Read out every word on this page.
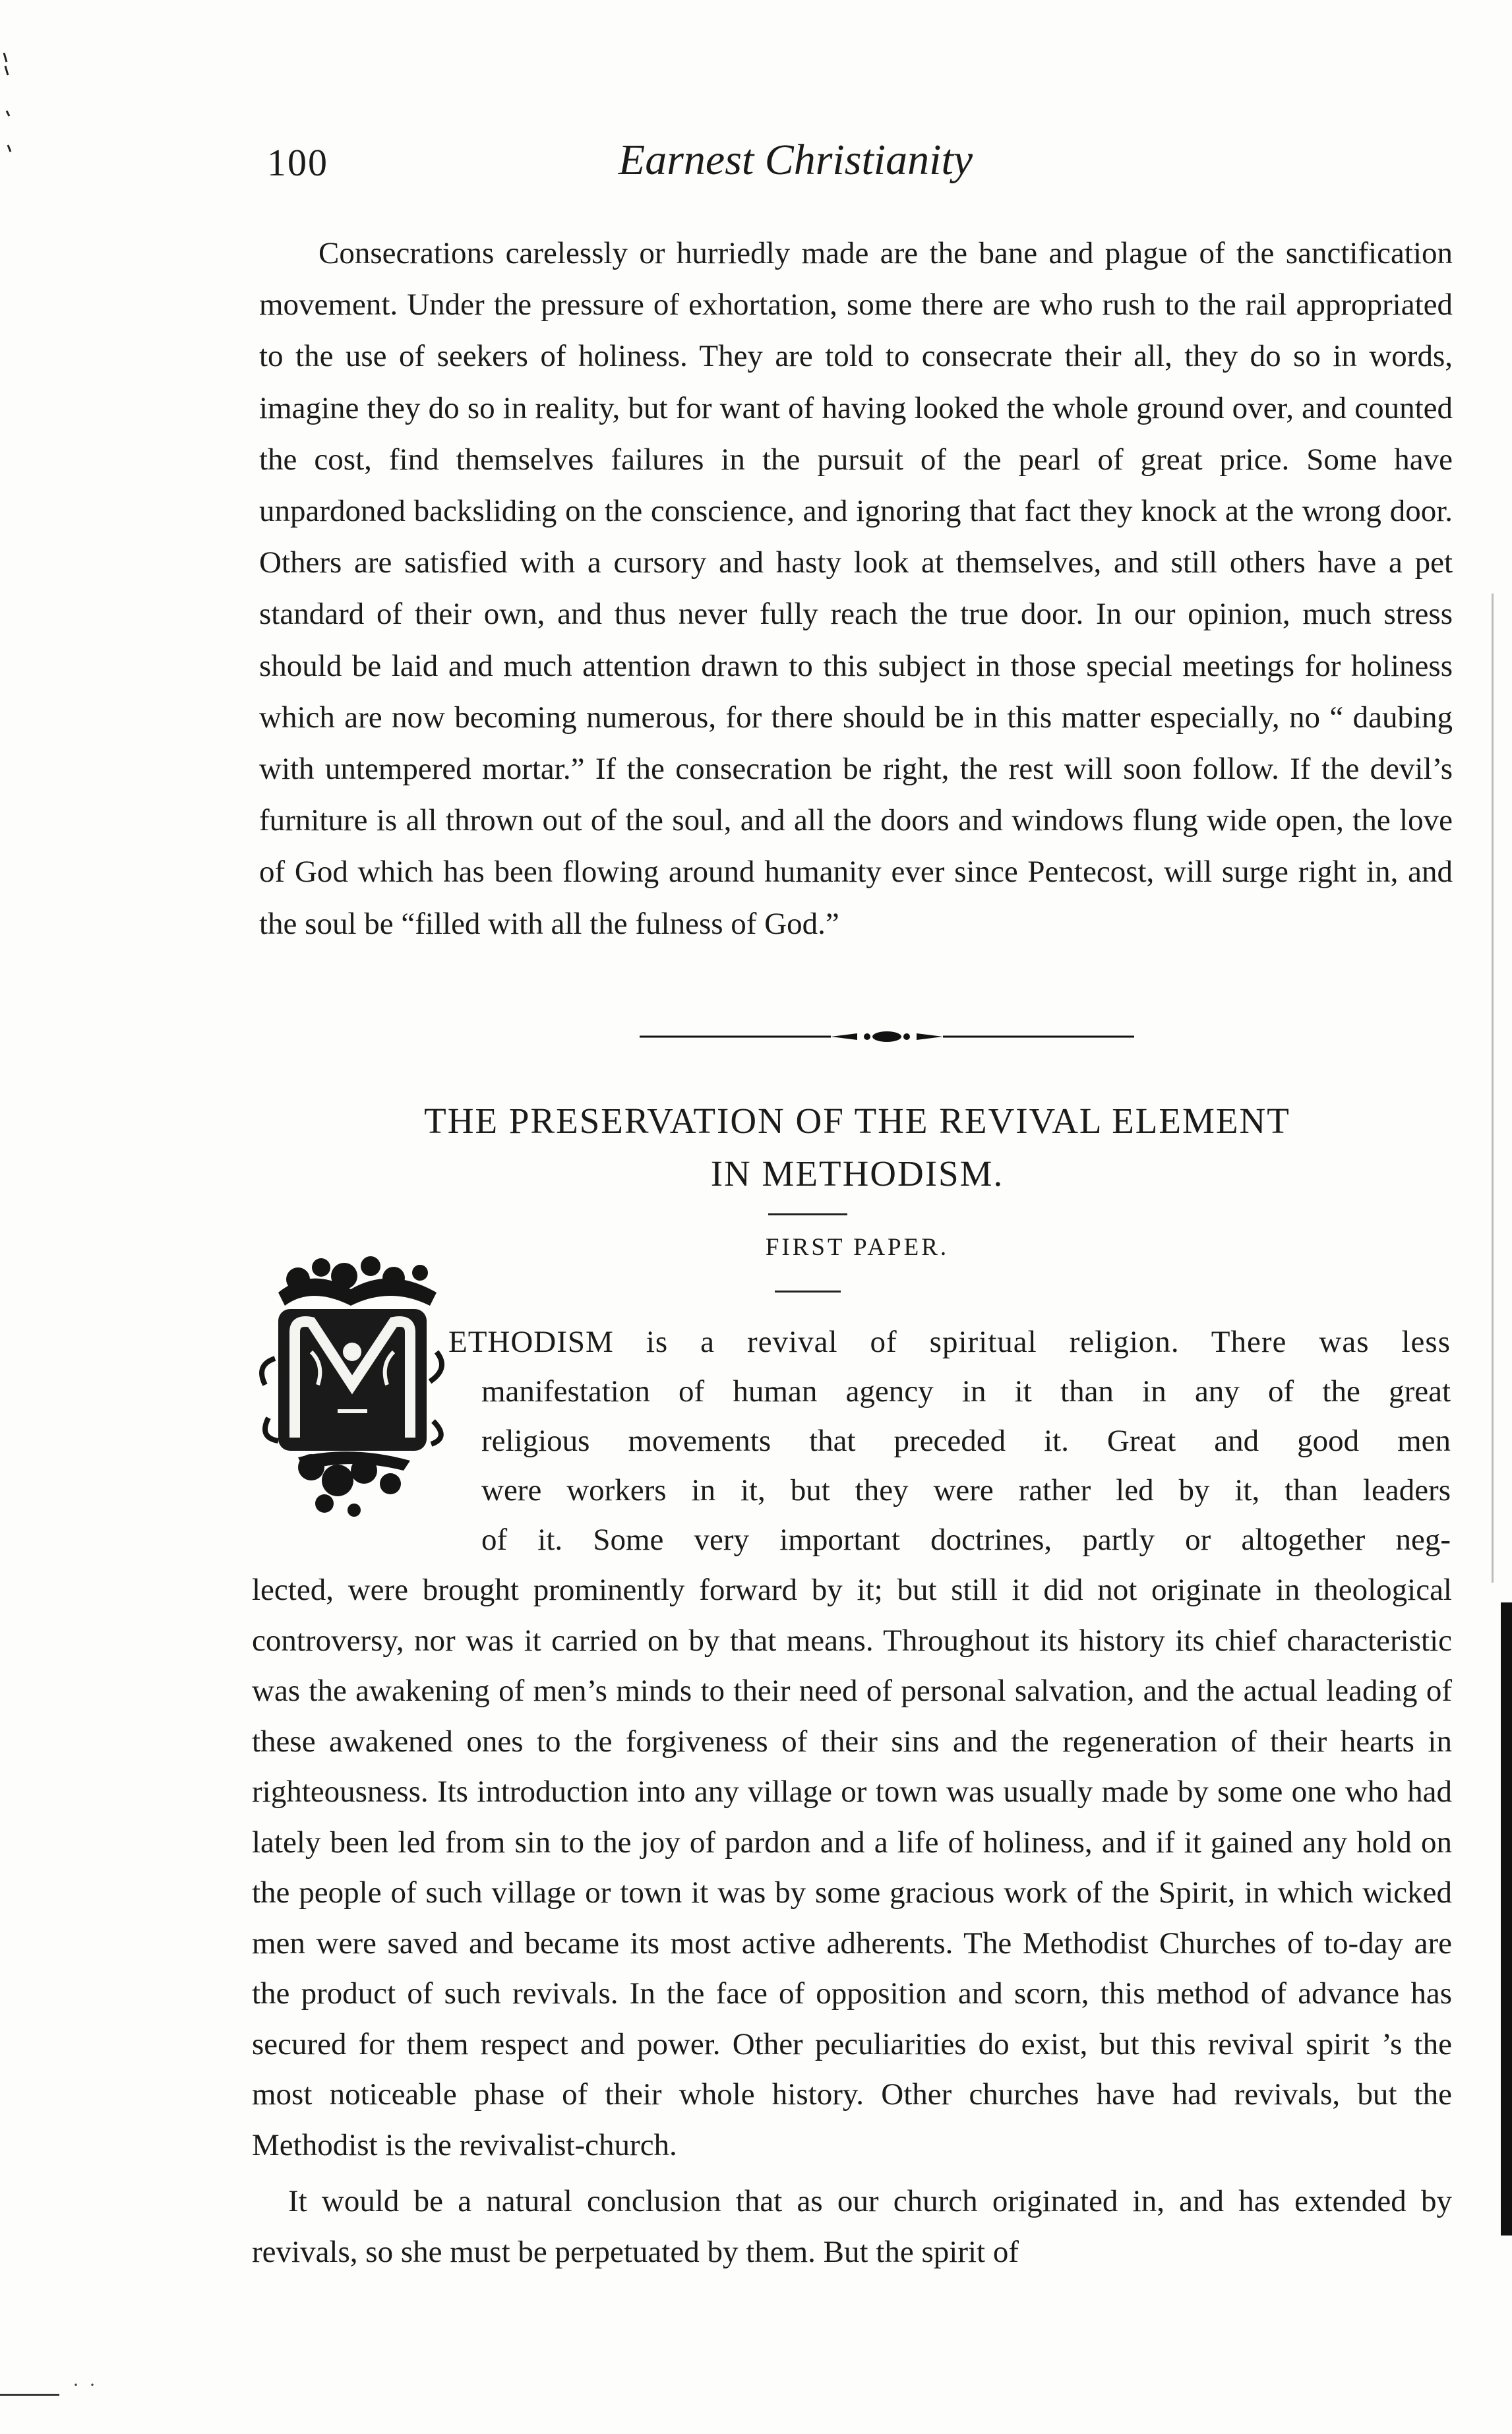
100	Earnest Christianity

Consecrations carelessly or hurriedly made are the bane and plague of the sanctification movement. Under the pressure of exhortation, some there are who rush to the rail appropriated to the use of seekers of holiness. They are told to consecrate their all, they do so in words, imagine they do so in reality, but for want of having looked the whole ground over, and counted the cost, find themselves failures in the pursuit of the pearl of great price. Some have unpardoned backsliding on the conscience, and ignoring that fact they knock at the wrong door. Others are satisfied with a cursory and hasty look at themselves, and still others have a pet standard of their own, and thus never fully reach the true door. In our opinion, much stress should be laid and much attention drawn to this subject in those special meetings for holiness which are now becoming numerous, for there should be in this matter especially, no “ daubing with untempered mortar.” If the consecration be right, the rest will soon follow. If the devil’s furniture is all thrown out of the soul, and all the doors and windows flung wide open, the love of God which has been flowing around humanity ever since Pentecost, will surge right in, and the soul be “filled with all the fulness of God.”

THE PRESERVATION OF THE REVIVAL ELEMENT
IN METHODISM.
FIRST PAPER.
ETHODISM is a revival of spiritual religion. There was less
manifestation of human agency in it than in any of the great
religious movements that preceded it. Great and good men
were workers in it, but they were rather led by it, than leaders
of it. Some very important doctrines, partly or altogether neg-

lected, were brought prominently forward by it; but still it did not originate in theological controversy, nor was it carried on by that means. Throughout its history its chief characteristic was the awakening of men’s minds to their need of personal salvation, and the actual leading of these awakened ones to the forgiveness of their sins and the regeneration of their hearts in righteousness. Its introduction into any village or town was usually made by some one who had lately been led from sin to the joy of pardon and a life of holiness, and if it gained any hold on the people of such village or town it was by some gracious work of the Spirit, in which wicked men were saved and became its most active adherents. The Methodist Churches of to-day are the product of such revivals. In the face of opposition and scorn, this method of advance has secured for them respect and power. Other peculiarities do exist, but this revival spirit ’s the most noticeable phase of their whole history. Other churches have had revivals, but the Methodist is the revivalist-church.

It would be a natural conclusion that as our church originated in, and has extended by revivals, so she must be perpetuated by them. But the spirit of

·  ·
